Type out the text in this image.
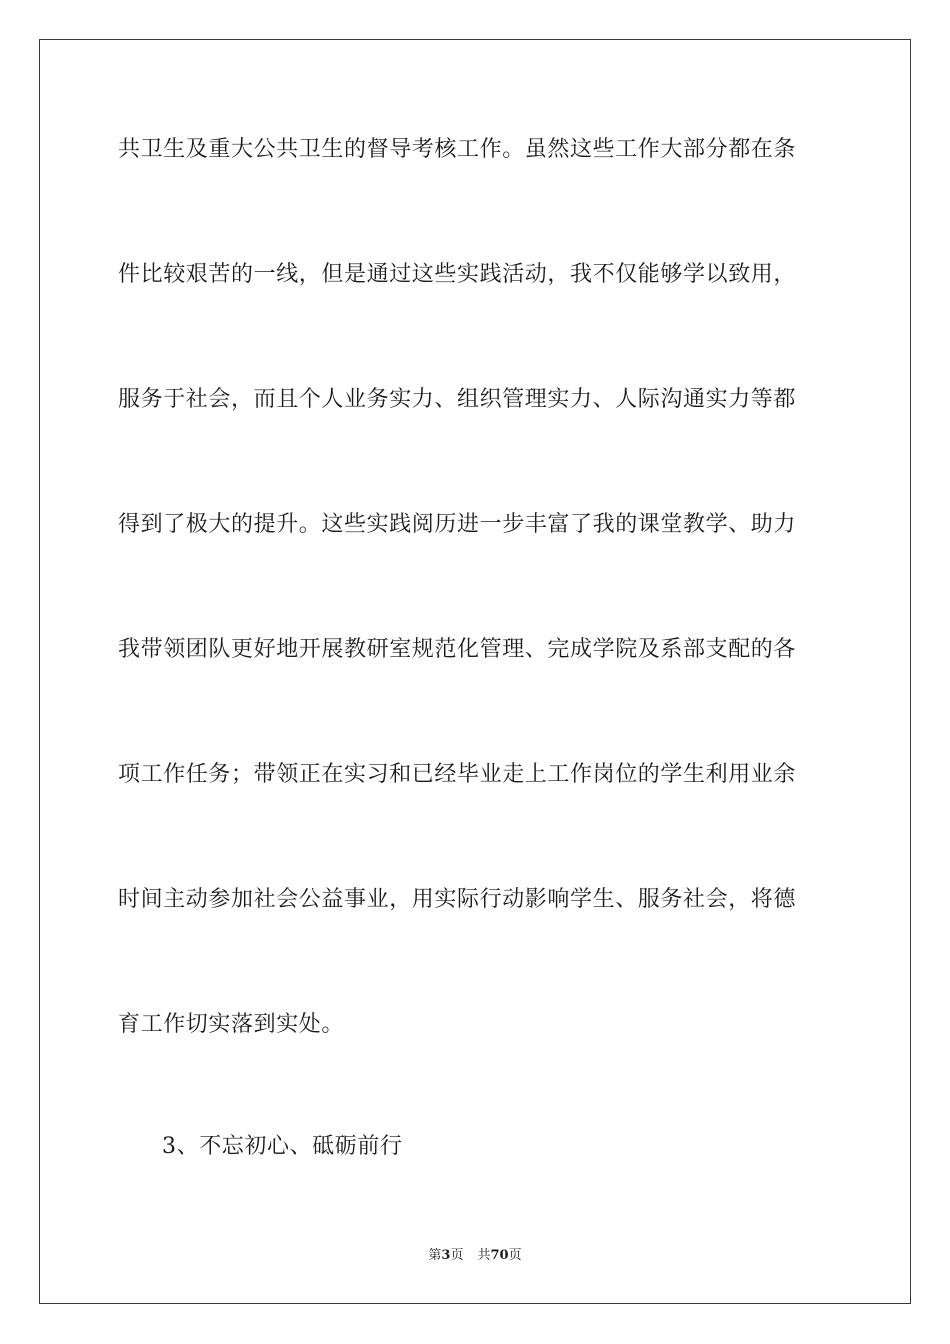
共卫生及重大公共卫生的督导考核工作。虽然这些工作大部分都在条
件比较艰苦的一线，但是通过这些实践活动，我不仅能够学以致用，
服务于社会，而且个人业务实力、组织管理实力、人际沟通实力等都
得到了极大的提升。这些实践阅历进一步丰富了我的课堂教学、助力
我带领团队更好地开展教研室规范化管理、完成学院及系部支配的各
项工作任务；带领正在实习和已经毕业走上工作岗位的学生利用业余
时间主动参加社会公益事业，用实际行动影响学生、服务社会，将德
育工作切实落到实处。
3、不忘初心、砥砺前行
第3页 共70页
